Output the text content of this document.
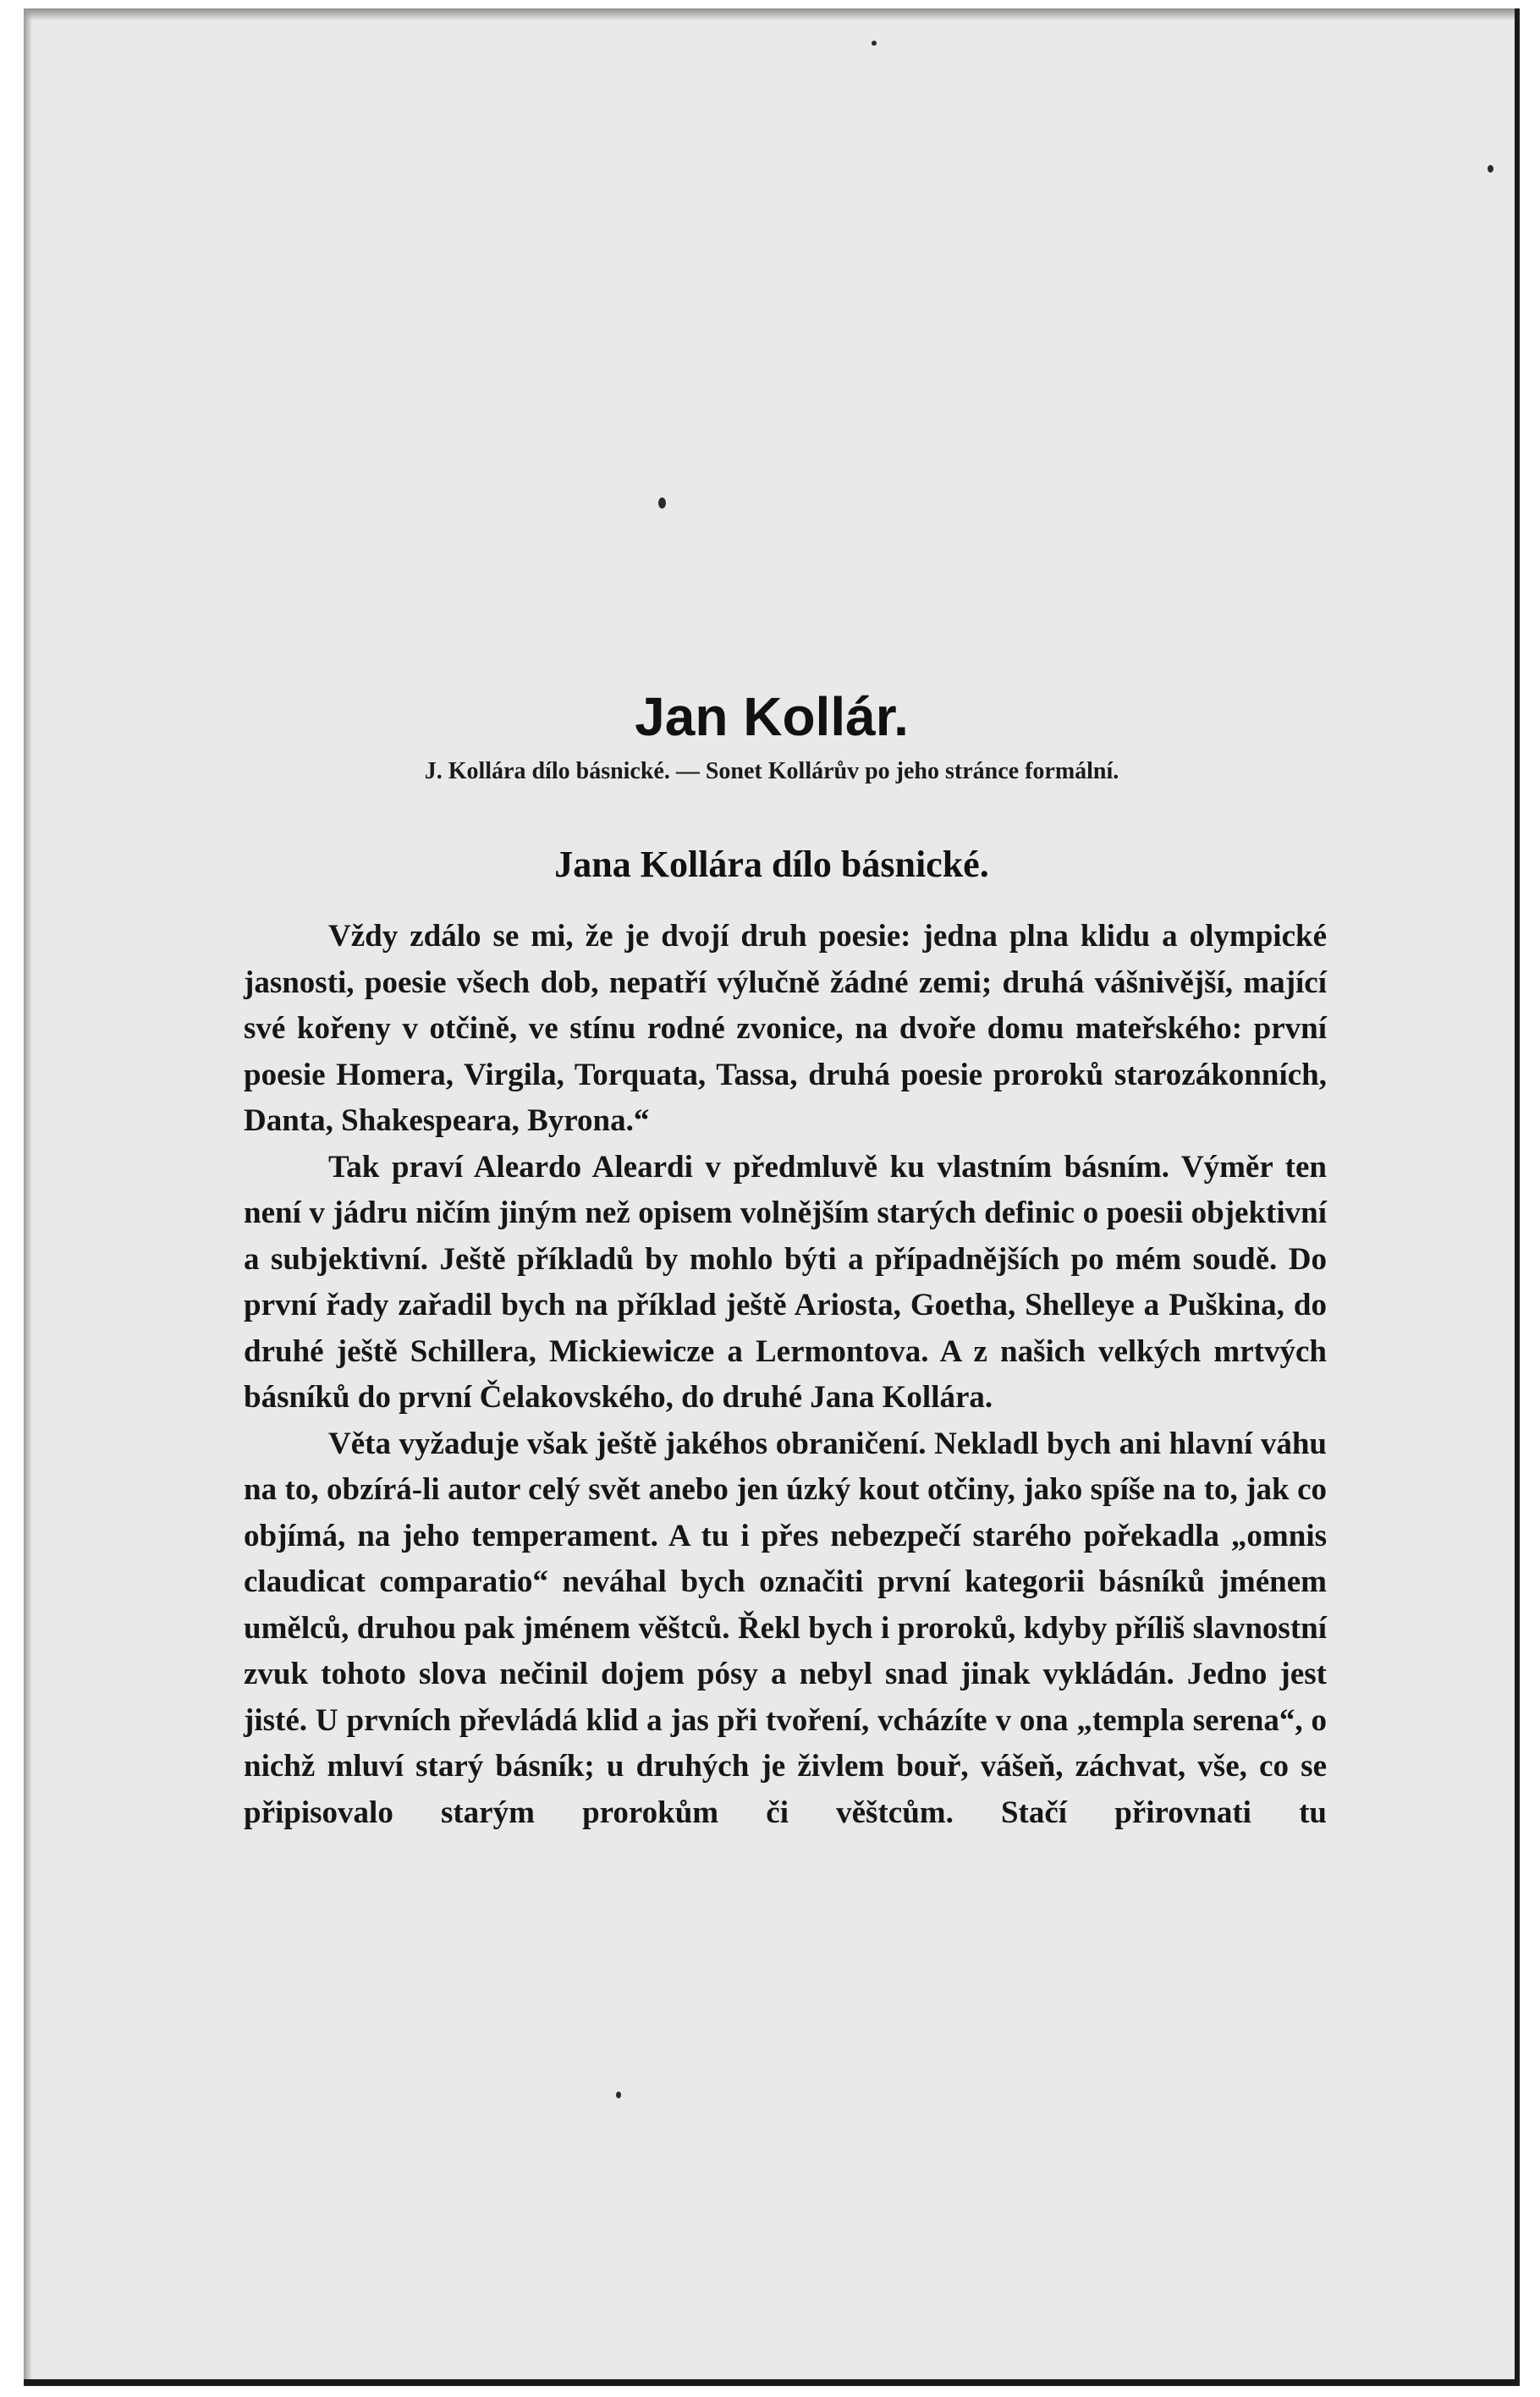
Jan Kollár.
J. Kollára dílo básnické. — Sonet Kollárův po jeho stránce formální.
Jana Kollára dílo básnické.

Vždy zdálo se mi, že je dvojí druh poesie: jedna plna klidu a olympické jasnosti, poesie všech dob, nepatří výlučně žádné zemi; druhá vášnivější, mající své kořeny v otčině, ve stínu rodné zvonice, na dvoře domu mateřského: první poesie Homera, Virgila, Torquata, Tassa, druhá poesie proroků starozákonních, Danta, Shakespeara, Byrona.“

Tak praví Aleardo Aleardi v předmluvě ku vlastním básním. Výměr ten není v jádru ničím jiným než opisem volnějším starých definic o poesii objektivní a subjektivní. Ještě příkladů by mohlo býti a případnějších po mém soudě. Do první řady zařadil bych na příklad ještě Ariosta, Goetha, Shelleye a Puškina, do druhé ještě Schillera, Mickiewicze a Lermontova. A z našich velkých mrtvých básníků do první Čelakovského, do druhé Jana Kollára.

Věta vyžaduje však ještě jakéhos obraničení. Nekladl bych ani hlavní váhu na to, obzírá-li autor celý svět anebo jen úzký kout otčiny, jako spíše na to, jak co objímá, na jeho temperament. A tu i přes nebezpečí starého pořekadla „omnis claudicat comparatio“ neváhal bych označiti první kategorii básníků jménem umělců, druhou pak jménem věštců. Řekl bych i proroků, kdyby příliš slavnostní zvuk tohoto slova nečinil dojem pósy a nebyl snad jinak vykládán. Jedno jest jisté. U prvních převládá klid a jas při tvoření, vcházíte v ona „templa serena“, o nichž mluví starý básník; u druhých je živlem bouř, vášeň, záchvat, vše, co se připisovalo starým prorokům či věštcům. Stačí přirovnati tu
